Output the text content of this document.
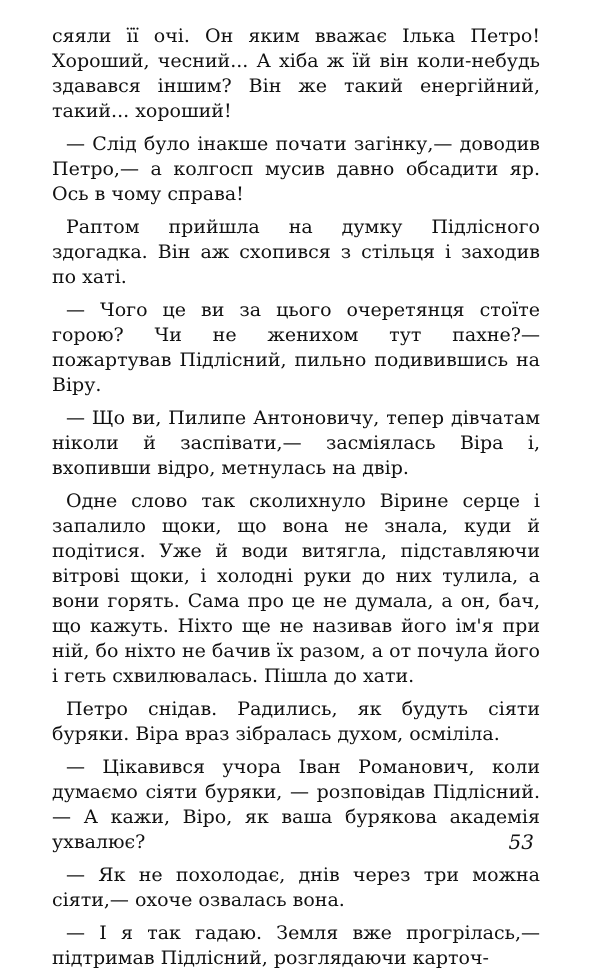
сяяли її очі. Он яким вважає Ілька Петро! Хороший, чесний... А хіба ж їй він коли-небудь здавався іншим? Він же такий енергійний, такий... хороший!

— Слід було інакше почати загінку,— доводив Петро,— а колгосп мусив давно обсадити яр. Ось в чому справа!

Раптом прийшла на думку Підлісного здогадка. Він аж схопився з стільця і заходив по хаті.

— Чого це ви за цього очеретянця стоїте горою? Чи не женихом тут пахне?— пожартував Підлісний, пильно подивившись на Віру.

— Що ви, Пилипе Антоновичу, тепер дівчатам ніколи й заспівати,— засміялась Віра і, вхопивши відро, метнулась на двір.

Одне слово так сколихнуло Вірине серце і запалило щоки, що вона не знала, куди й подітися. Уже й води витягла, підставляючи вітрові щоки, і холодні руки до них тулила, а вони горять. Сама про це не думала, а он, бач, що кажуть. Ніхто ще не називав його ім'я при ній, бо ніхто не бачив їх разом, а от почула його і геть схвилювалась. Пішла до хати.

Петро снідав. Радились, як будуть сіяти буряки. Віра враз зібралась духом, осміліла.

— Цікавився учора Іван Романович, коли думаємо сіяти буряки, — розповідав Підлісний.— А кажи, Віро, як ваша бурякова академія ухвалює?

— Як не похолодає, днів через три можна сіяти,— охоче озвалась вона.

— І я так гадаю. Земля вже прогрілась,— підтримав Підлісний, розглядаючи карточ-

53
